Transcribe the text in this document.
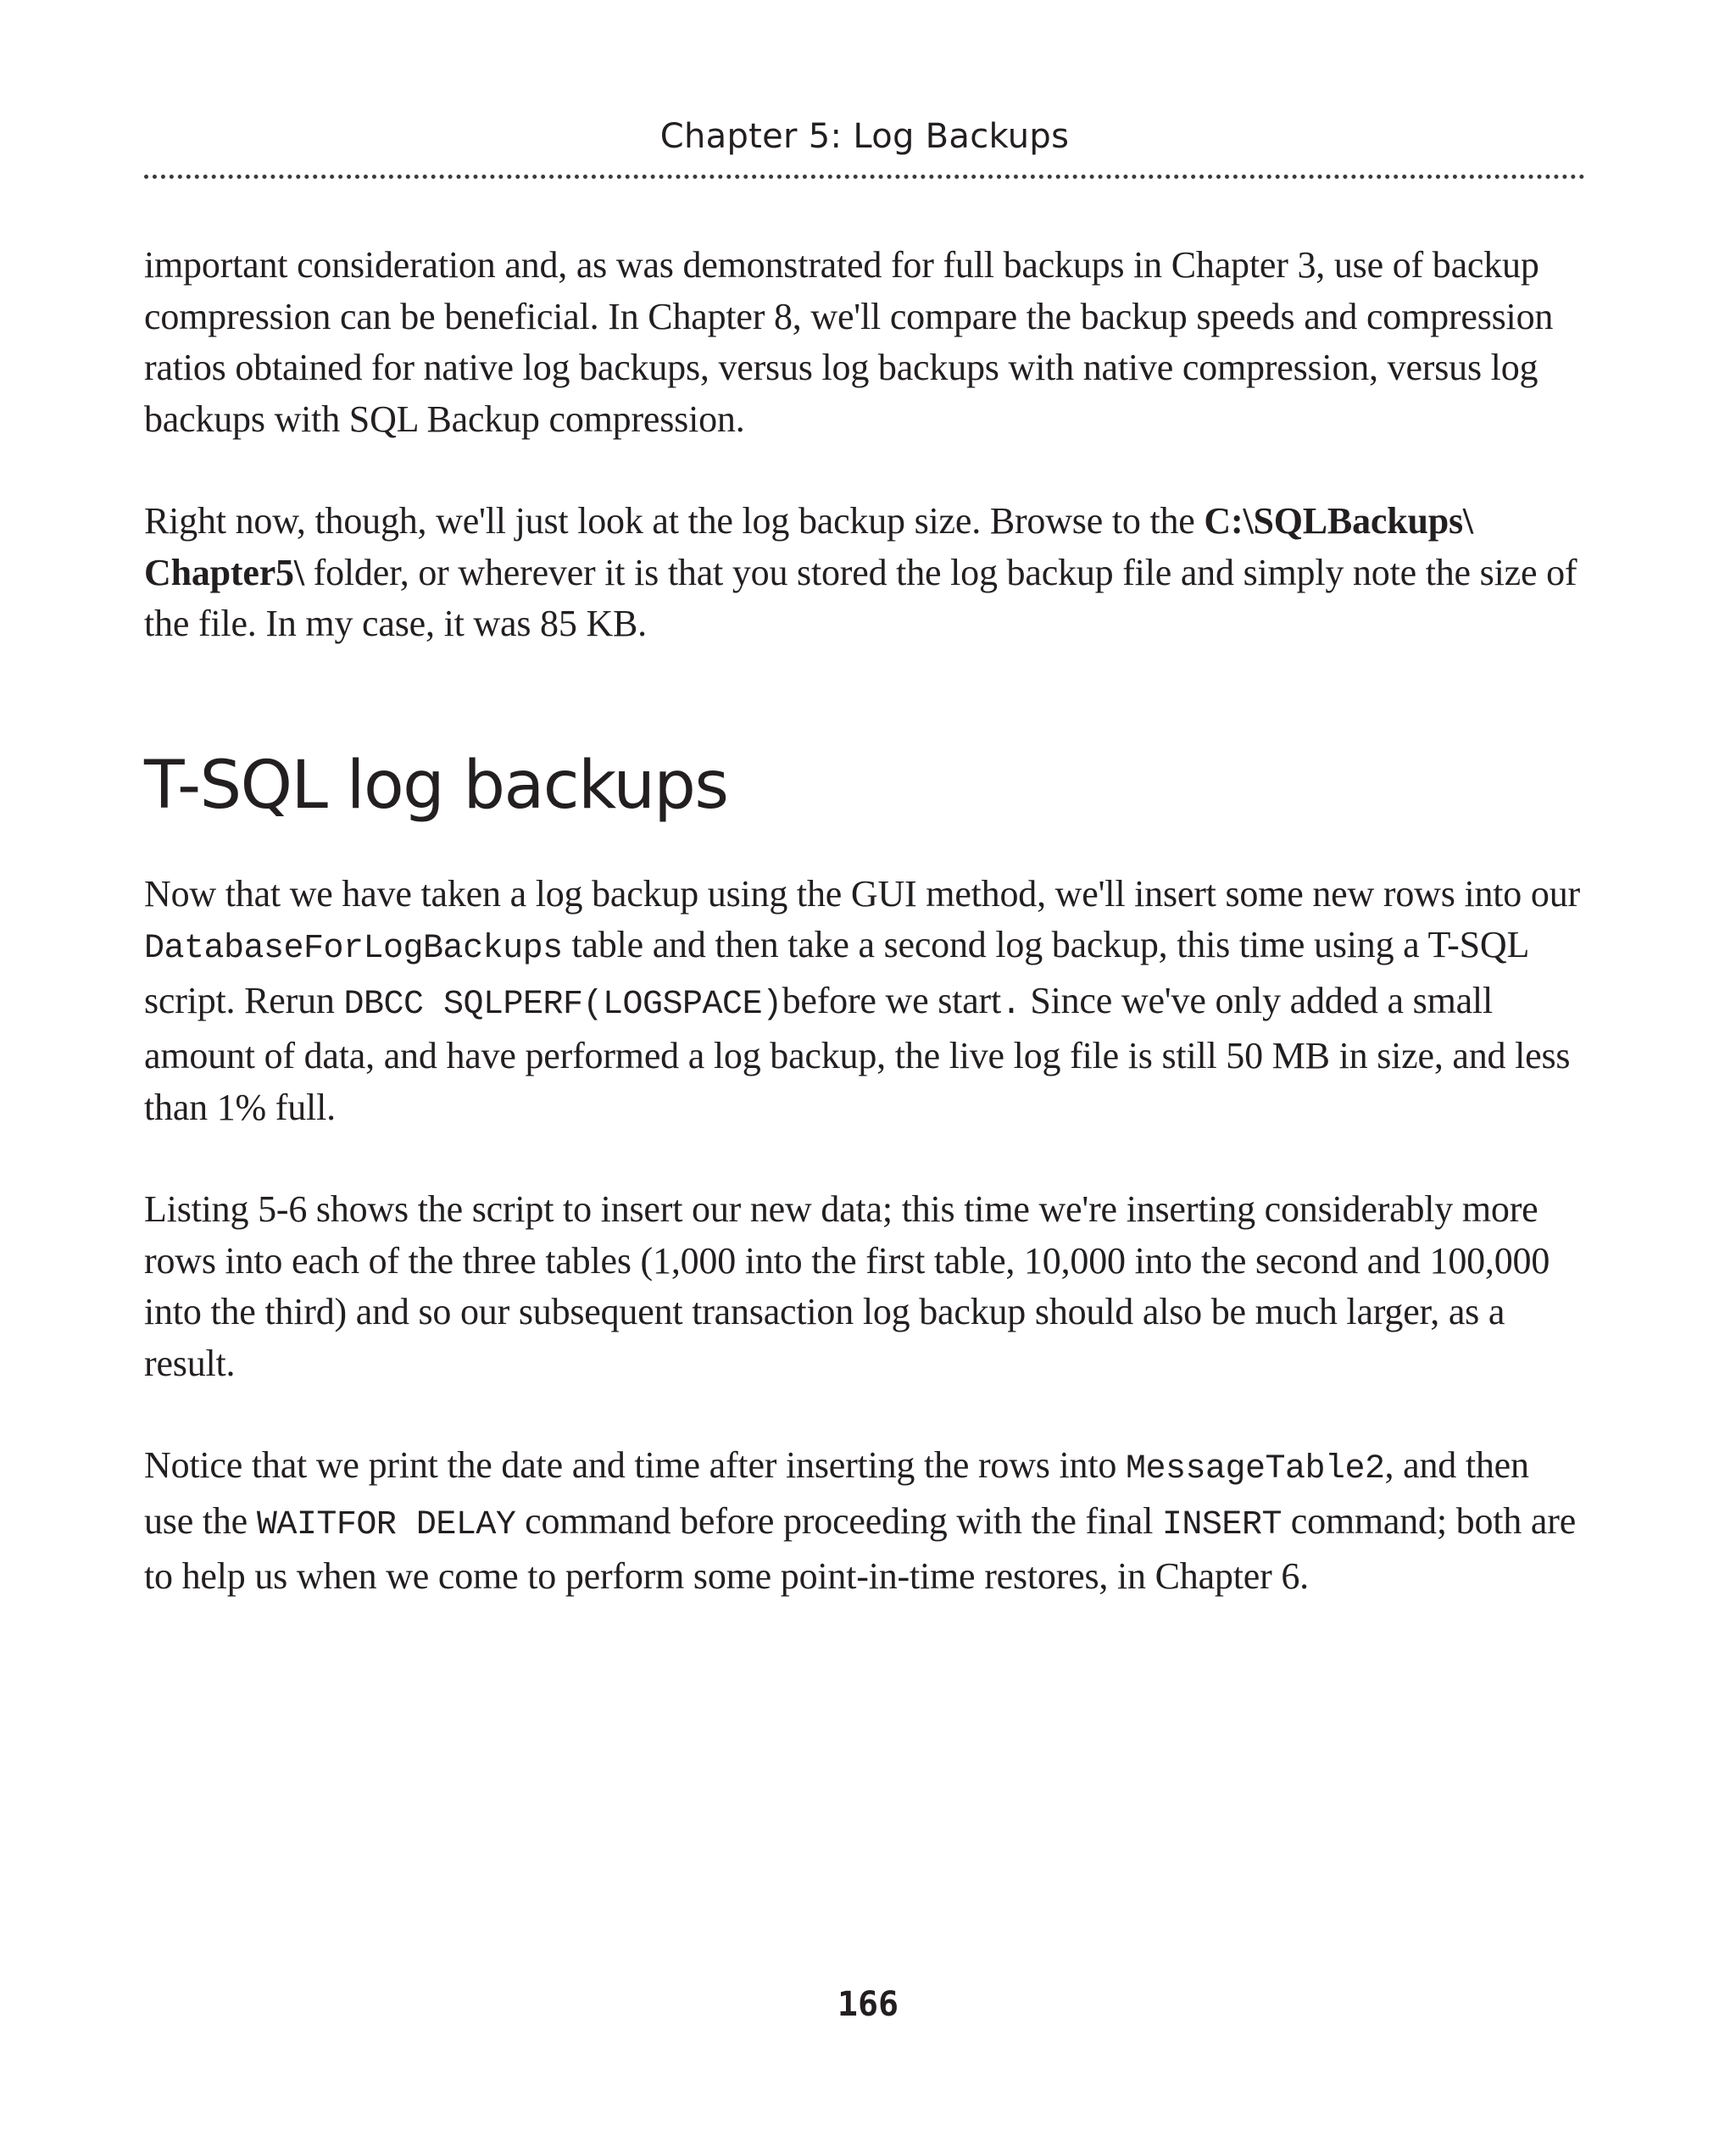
Chapter 5: Log Backups

important consideration and, as was demonstrated for full backups in Chapter 3, use of backup compression can be beneficial. In Chapter 8, we'll compare the backup speeds and compression ratios obtained for native log backups, versus log backups with native compression, versus log backups with SQL Backup compression.

Right now, though, we'll just look at the log backup size. Browse to the C:\SQLBackups\
Chapter5\ folder, or wherever it is that you stored the log backup file and simply note the size of the file. In my case, it was 85 KB.

T-SQL log backups

Now that we have taken a log backup using the GUI method, we'll insert some new rows into our DatabaseForLogBackups table and then take a second log backup, this time using a T-SQL script. Rerun DBCC SQLPERF(LOGSPACE)before we start. Since we've only added a small amount of data, and have performed a log backup, the live log file is still 50 MB in size, and less than 1% full.

Listing 5-6 shows the script to insert our new data; this time we're inserting considerably more rows into each of the three tables (1,000 into the first table, 10,000 into the second and 100,000 into the third) and so our subsequent transaction log backup should also be much larger, as a result.

Notice that we print the date and time after inserting the rows into MessageTable2, and then use the WAITFOR DELAY command before proceeding with the final INSERT command; both are to help us when we come to perform some point-in-time restores, in Chapter 6.

166
